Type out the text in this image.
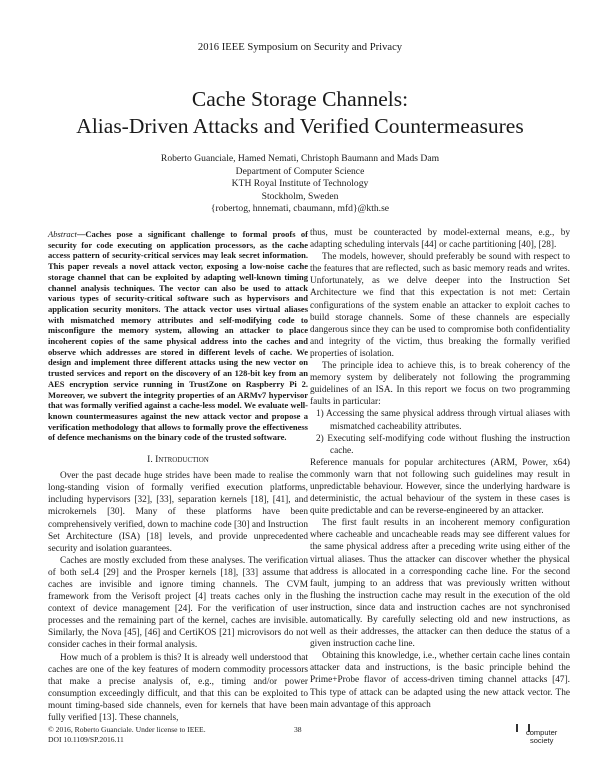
2016 IEEE Symposium on Security and Privacy
Cache Storage Channels:
Alias-Driven Attacks and Verified Countermeasures
Roberto Guanciale, Hamed Nemati, Christoph Baumann and Mads Dam
Department of Computer Science
KTH Royal Institute of Technology
Stockholm, Sweden
{robertog, hnnemati, cbaumann, mfd}@kth.se
Abstract—Caches pose a significant challenge to formal proofs of security for code executing on application processors, as the cache access pattern of security-critical services may leak secret information. This paper reveals a novel attack vector, exposing a low-noise cache storage channel that can be exploited by adapting well-known timing channel analysis techniques. The vector can also be used to attack various types of security-critical software such as hypervisors and application security monitors. The attack vector uses virtual aliases with mismatched memory attributes and self-modifying code to misconfigure the memory system, allowing an attacker to place incoherent copies of the same physical address into the caches and observe which addresses are stored in different levels of cache. We design and implement three different attacks using the new vector on trusted services and report on the discovery of an 128-bit key from an AES encryption service running in TrustZone on Raspberry Pi 2. Moreover, we subvert the integrity properties of an ARMv7 hypervisor that was formally verified against a cache-less model. We evaluate well-known countermeasures against the new attack vector and propose a verification methodology that allows to formally prove the effectiveness of defence mechanisms on the binary code of the trusted software.
I. Introduction

Over the past decade huge strides have been made to realise the long-standing vision of formally verified execution platforms, including hypervisors [32], [33], separation kernels [18], [41], and microkernels [30]. Many of these platforms have been comprehensively verified, down to machine code [30] and Instruction Set Architecture (ISA) [18] levels, and provide unprecedented security and isolation guarantees.

Caches are mostly excluded from these analyses. The verification of both seL4 [29] and the Prosper kernels [18], [33] assume that caches are invisible and ignore timing channels. The CVM framework from the Verisoft project [4] treats caches only in the context of device management [24]. For the verification of user processes and the remaining part of the kernel, caches are invisible. Similarly, the Nova [45], [46] and CertiKOS [21] microvisors do not consider caches in their formal analysis.

How much of a problem is this? It is already well understood that caches are one of the key features of modern commodity processors that make a precise analysis of, e.g., timing and/or power consumption exceedingly difficult, and that this can be exploited to mount timing-based side channels, even for kernels that have been fully verified [13]. These channels,

thus, must be counteracted by model-external means, e.g., by adapting scheduling intervals [44] or cache partitioning [40], [28].

The models, however, should preferably be sound with respect to the features that are reflected, such as basic memory reads and writes. Unfortunately, as we delve deeper into the Instruction Set Architecture we find that this expectation is not met: Certain configurations of the system enable an attacker to exploit caches to build storage channels. Some of these channels are especially dangerous since they can be used to compromise both confidentiality and integrity of the victim, thus breaking the formally verified properties of isolation.

The principle idea to achieve this, is to break coherency of the memory system by deliberately not following the programming guidelines of an ISA. In this report we focus on two programming faults in particular:

1) Accessing the same physical address through virtual aliases with mismatched cacheability attributes.
2) Executing self-modifying code without flushing the instruction cache.

Reference manuals for popular architectures (ARM, Power, x64) commonly warn that not following such guidelines may result in unpredictable behaviour. However, since the underlying hardware is deterministic, the actual behaviour of the system in these cases is quite predictable and can be reverse-engineered by an attacker.

The first fault results in an incoherent memory configuration where cacheable and uncacheable reads may see different values for the same physical address after a preceding write using either of the virtual aliases. Thus the attacker can discover whether the physical address is allocated in a corresponding cache line. For the second fault, jumping to an address that was previously written without flushing the instruction cache may result in the execution of the old instruction, since data and instruction caches are not synchronised automatically. By carefully selecting old and new instructions, as well as their addresses, the attacker can then deduce the status of a given instruction cache line.

Obtaining this knowledge, i.e., whether certain cache lines contain attacker data and instructions, is the basic principle behind the Prime+Probe flavor of access-driven timing channel attacks [47]. This type of attack can be adapted using the new attack vector. The main advantage of this approach

© 2016, Roberto Guanciale. Under license to IEEE.
DOI 10.1109/SP.2016.11
38	computer
society
